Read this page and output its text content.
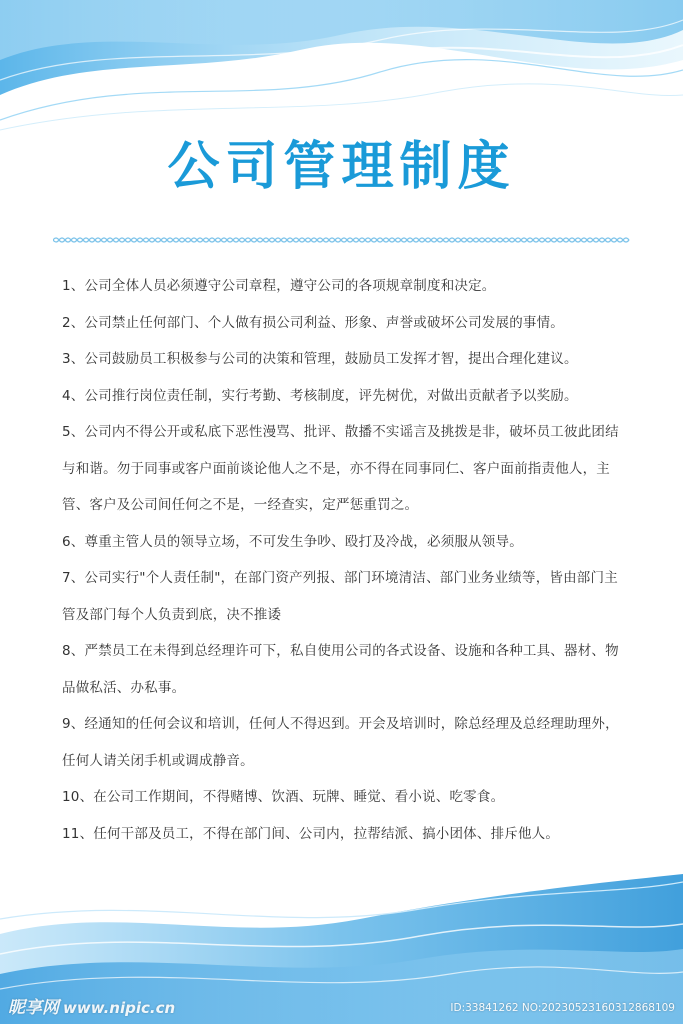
公司管理制度
1、公司全体人员必须遵守公司章程，遵守公司的各项规章制度和决定。
2、公司禁止任何部门、个人做有损公司利益、形象、声誉或破坏公司发展的事情。
3、公司鼓励员工积极参与公司的决策和管理，鼓励员工发挥才智，提出合理化建议。
4、公司推行岗位责任制，实行考勤、考核制度，评先树优，对做出贡献者予以奖励。
5、公司内不得公开或私底下恶性漫骂、批评、散播不实谣言及挑拨是非，破坏员工彼此团结与和谐。勿于同事或客户面前谈论他人之不是，亦不得在同事同仁、客户面前指责他人，主管、客户及公司间任何之不是，一经查实，定严惩重罚之。
6、尊重主管人员的领导立场，不可发生争吵、殴打及冷战，必须服从领导。
7、公司实行"个人责任制"，在部门资产列报、部门环境清洁、部门业务业绩等，皆由部门主管及部门每个人负责到底，决不推诿
8、严禁员工在未得到总经理许可下，私自使用公司的各式设备、设施和各种工具、器材、物品做私活、办私事。
9、经通知的任何会议和培训，任何人不得迟到。开会及培训时，除总经理及总经理助理外，任何人请关闭手机或调成静音。
10、在公司工作期间，不得赌博、饮酒、玩牌、睡觉、看小说、吃零食。
11、任何干部及员工，不得在部门间、公司内，拉帮结派、搞小团体、排斥他人。
昵享网 www.nipic.cn	ID:33841262 NO:20230523160312868109
